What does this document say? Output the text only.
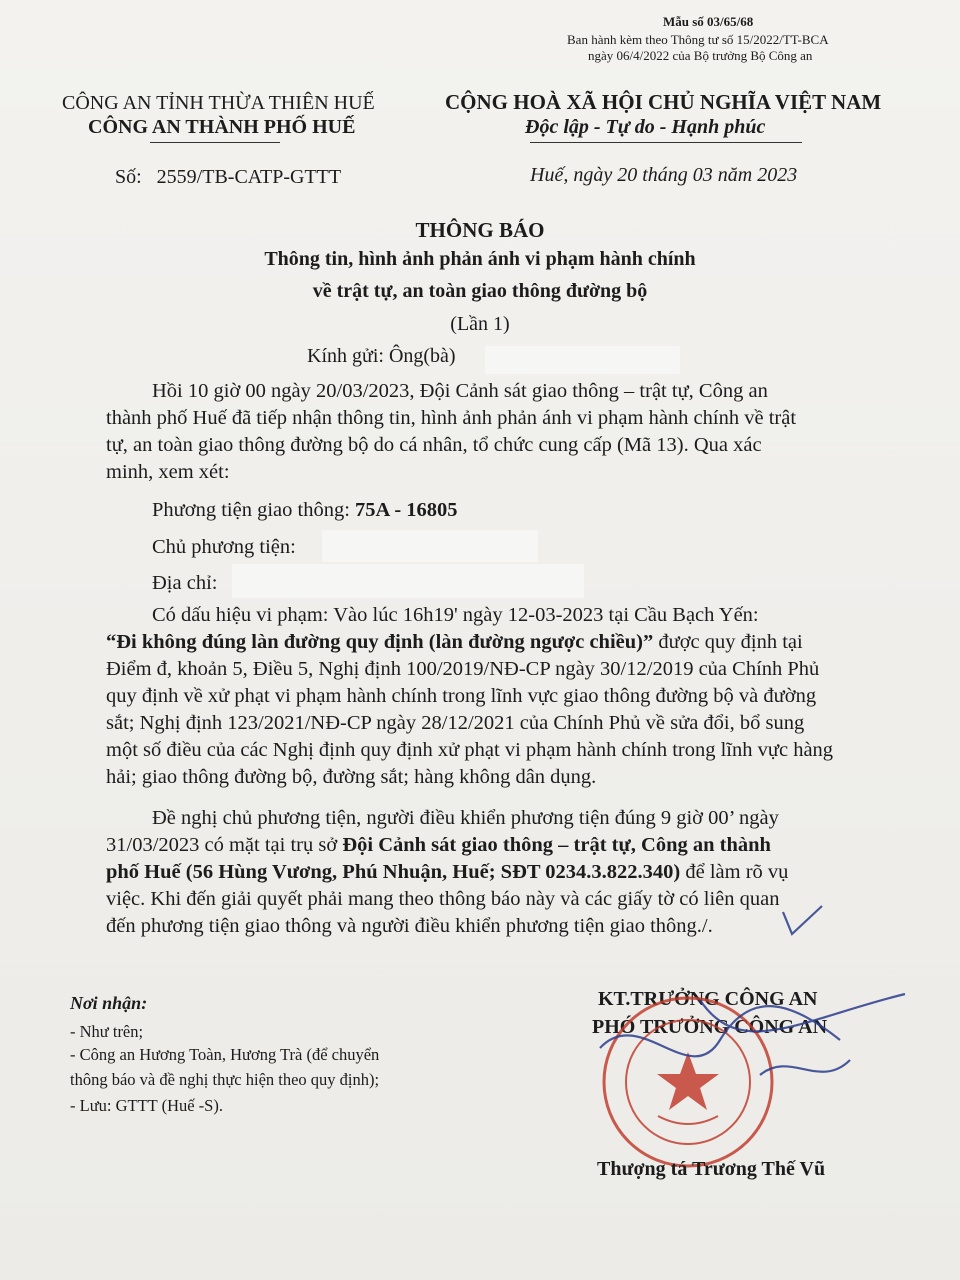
Mẫu số 03/65/68
Ban hành kèm theo Thông tư số 15/2022/TT-BCA
ngày 06/4/2022 của Bộ trưởng Bộ Công an
CÔNG AN TỈNH THỪA THIÊN HUẾ
CÔNG AN THÀNH PHỐ HUẾ
CỘNG HOÀ XÃ HỘI CHỦ NGHĨA VIỆT NAM
Độc lập - Tự do - Hạnh phúc
Số:   2559/TB-CATP-GTTT	Huế, ngày 20 tháng 03 năm 2023
THÔNG BÁO
Thông tin, hình ảnh phản ánh vi phạm hành chính
về trật tự, an toàn giao thông đường bộ
(Lần 1)
Kính gửi: Ông(bà)
Hồi 10 giờ 00 ngày 20/03/2023, Đội Cảnh sát giao thông – trật tự, Công an
thành phố Huế đã tiếp nhận thông tin, hình ảnh phản ánh vi phạm hành chính về trật
tự, an toàn giao thông đường bộ do cá nhân, tổ chức cung cấp (Mã 13). Qua xác
minh, xem xét:
Phương tiện giao thông: 75A - 16805
Chủ phương tiện:
Địa chỉ:
Có dấu hiệu vi phạm: Vào lúc 16h19' ngày 12-03-2023 tại Cầu Bạch Yến:
“Đi không đúng làn đường quy định (làn đường ngược chiều)” được quy định tại
Điểm đ, khoản 5, Điều 5, Nghị định 100/2019/NĐ-CP ngày 30/12/2019 của Chính Phủ
quy định về xử phạt vi phạm hành chính trong lĩnh vực giao thông đường bộ và đường
sắt; Nghị định 123/2021/NĐ-CP ngày 28/12/2021 của Chính Phủ về sửa đổi, bổ sung
một số điều của các Nghị định quy định xử phạt vi phạm hành chính trong lĩnh vực hàng
hải; giao thông đường bộ, đường sắt; hàng không dân dụng.
Đề nghị chủ phương tiện, người điều khiển phương tiện đúng 9 giờ 00’ ngày
31/03/2023 có mặt tại trụ sở Đội Cảnh sát giao thông – trật tự, Công an thành
phố Huế (56 Hùng Vương, Phú Nhuận, Huế; SĐT 0234.3.822.340) để làm rõ vụ
việc. Khi đến giải quyết phải mang theo thông báo này và các giấy tờ có liên quan
đến phương tiện giao thông và người điều khiển phương tiện giao thông./.
Nơi nhận:
- Như trên;
- Công an Hương Toàn, Hương Trà (để chuyển
thông báo và đề nghị thực hiện theo quy định);
- Lưu: GTTT (Huế -S).
KT.TRƯỞNG CÔNG AN
PHÓ TRƯỞNG CÔNG AN
Thượng tá Trương Thế Vũ
